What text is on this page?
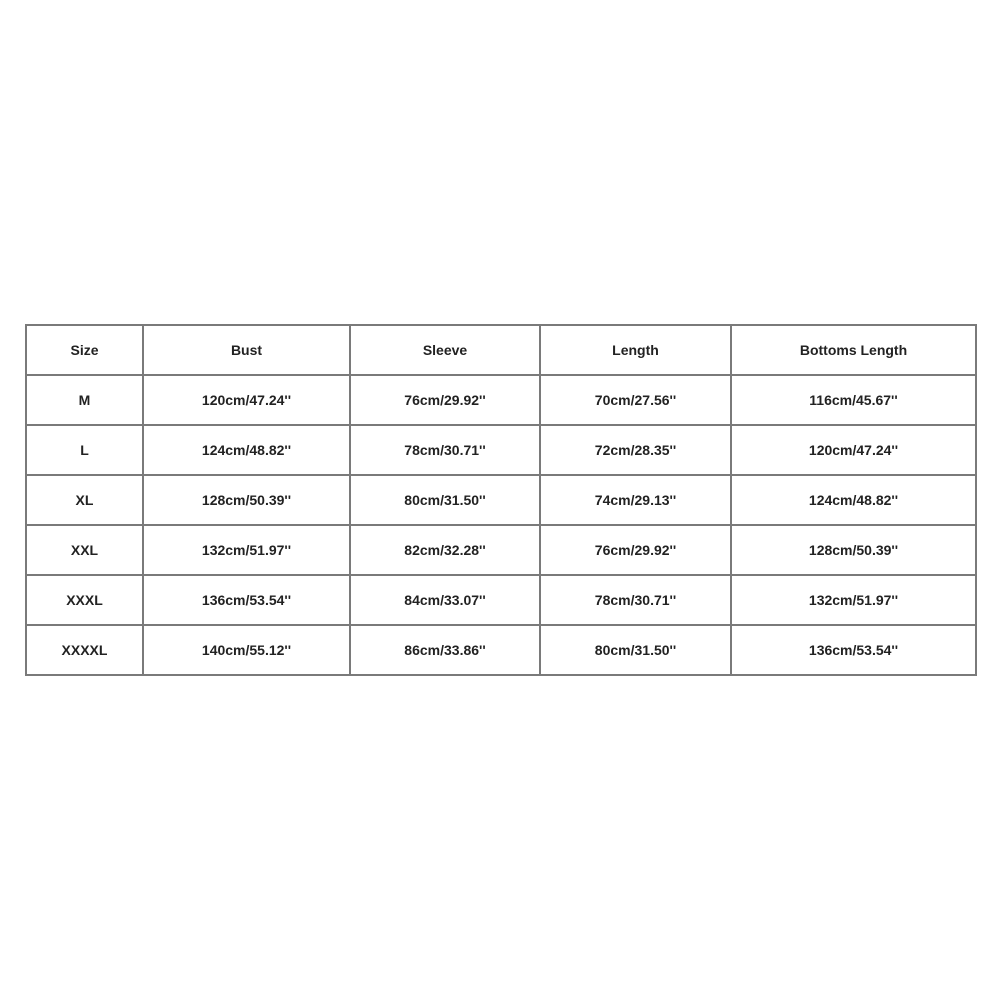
Size	Bust	Sleeve	Length	Bottoms Length
M	120cm/47.24''	76cm/29.92''	70cm/27.56''	116cm/45.67''
L	124cm/48.82''	78cm/30.71''	72cm/28.35''	120cm/47.24''
XL	128cm/50.39''	80cm/31.50''	74cm/29.13''	124cm/48.82''
XXL	132cm/51.97''	82cm/32.28''	76cm/29.92''	128cm/50.39''
XXXL	136cm/53.54''	84cm/33.07''	78cm/30.71''	132cm/51.97''
XXXXL	140cm/55.12''	86cm/33.86''	80cm/31.50''	136cm/53.54''
